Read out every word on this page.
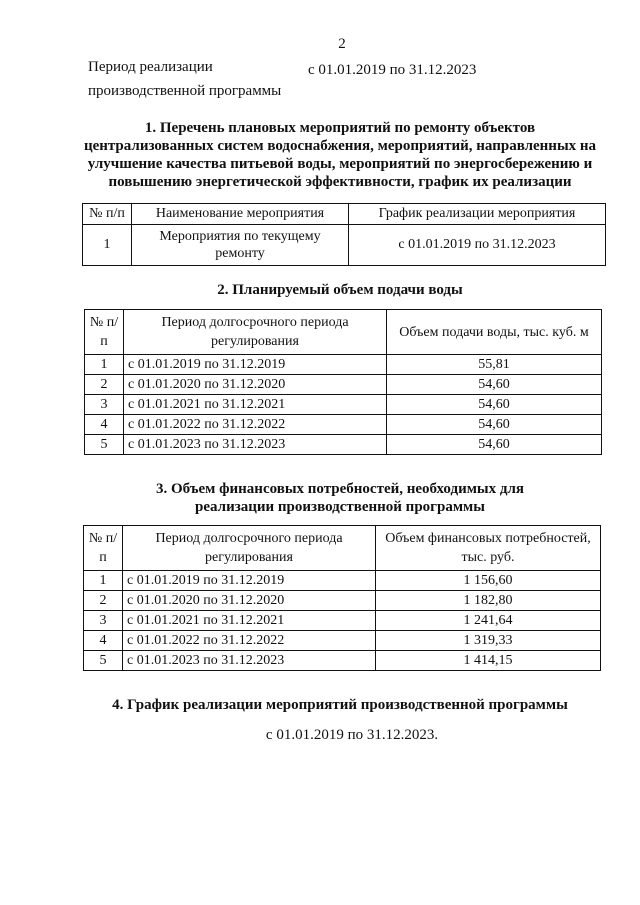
2
Период реализации
производственной программы
с 01.01.2019 по 31.12.2023
1. Перечень плановых мероприятий по ремонту объектов
централизованных систем водоснабжения, мероприятий, направленных на
улучшение качества питьевой воды, мероприятий по энергосбережению и
повышению энергетической эффективности, график их реализации
№ п/п	Наименование мероприятия	График реализации мероприятия
1	Мероприятия по текущему ремонту	с 01.01.2019 по 31.12.2023
2. Планируемый объем подачи воды
№ п/п	Период долгосрочного периода регулирования	Объем подачи воды, тыс. куб. м
1	с 01.01.2019 по 31.12.2019	55,81
2	с 01.01.2020 по 31.12.2020	54,60
3	с 01.01.2021 по 31.12.2021	54,60
4	с 01.01.2022 по 31.12.2022	54,60
5	с 01.01.2023 по 31.12.2023	54,60
3. Объем финансовых потребностей, необходимых для
реализации производственной программы
№ п/п	Период долгосрочного периода регулирования	Объем финансовых потребностей, тыс. руб.
1	с 01.01.2019 по 31.12.2019	1 156,60
2	с 01.01.2020 по 31.12.2020	1 182,80
3	с 01.01.2021 по 31.12.2021	1 241,64
4	с 01.01.2022 по 31.12.2022	1 319,33
5	с 01.01.2023 по 31.12.2023	1 414,15
4. График реализации мероприятий производственной программы
с 01.01.2019 по 31.12.2023.
